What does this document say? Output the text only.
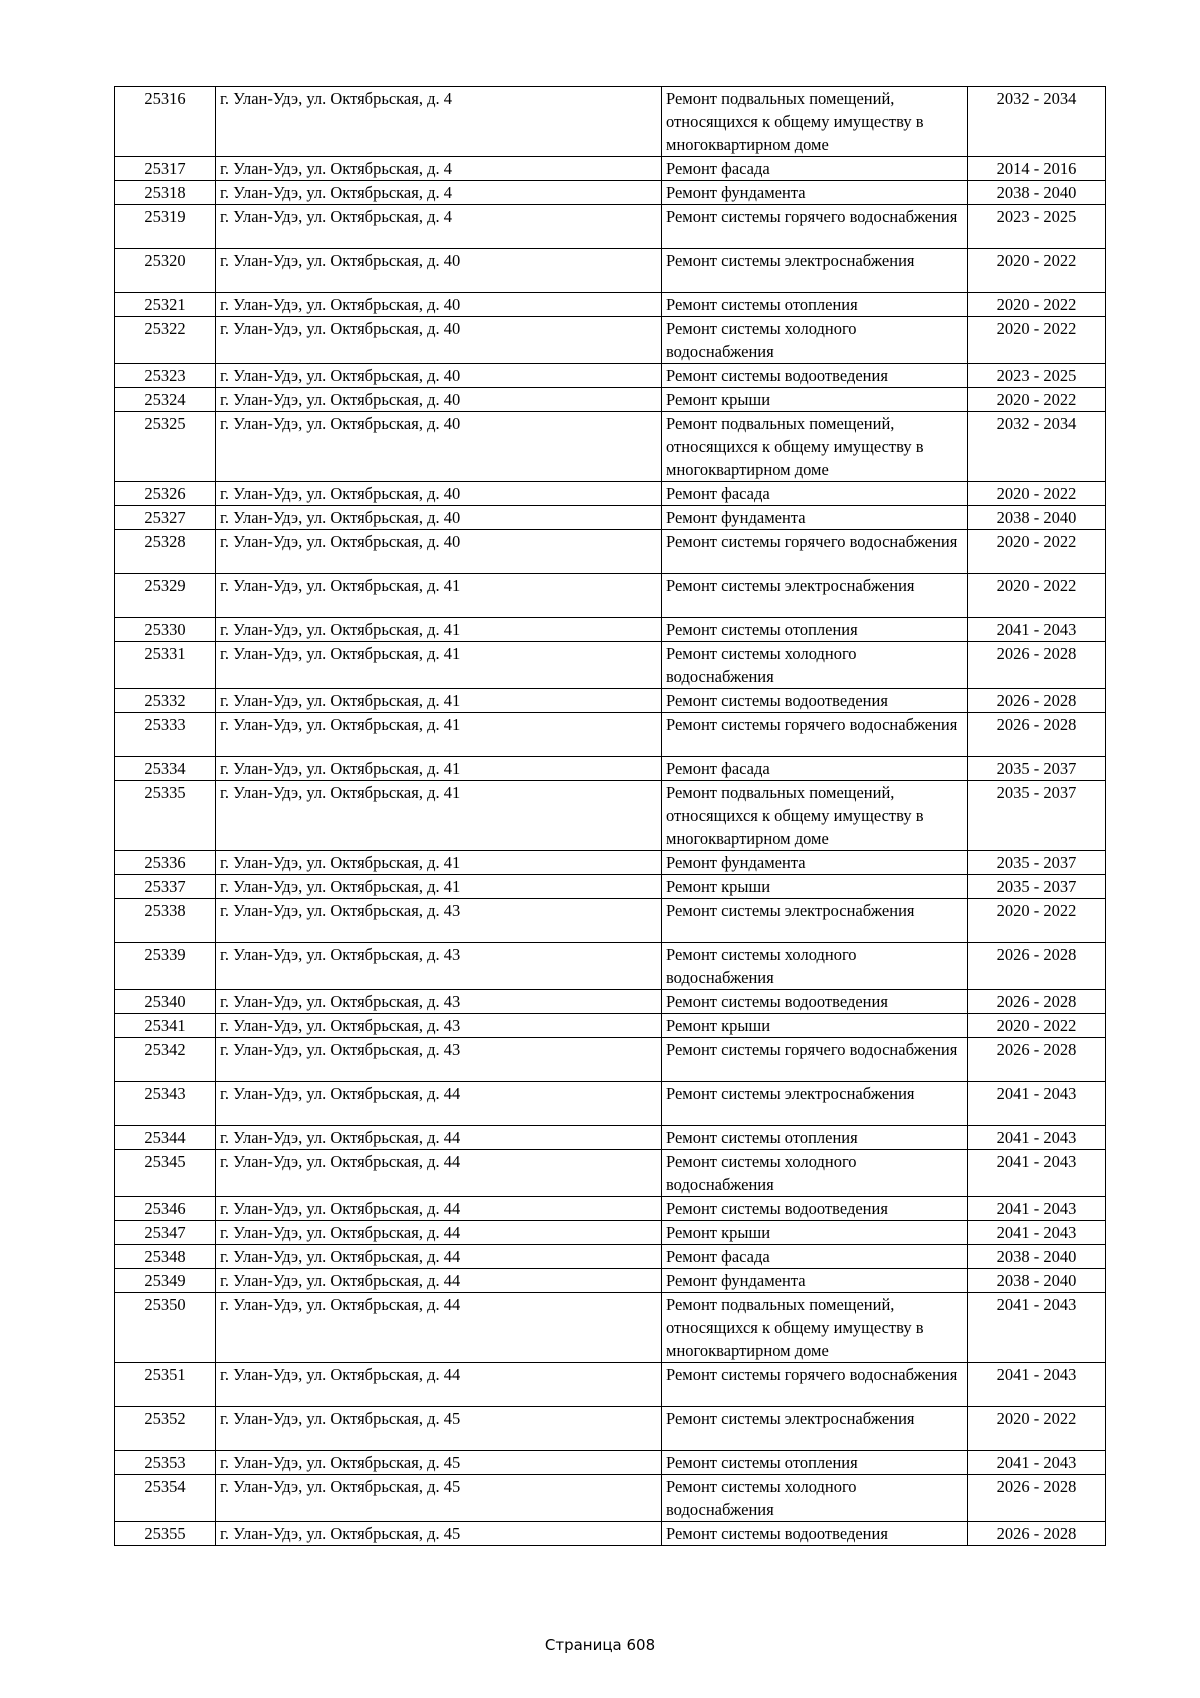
25316	г. Улан-Удэ, ул. Октябрьская, д. 4	Ремонт подвальных помещений, относящихся к общему имуществу в многоквартирном доме	2032 - 2034
25317	г. Улан-Удэ, ул. Октябрьская, д. 4	Ремонт фасада	2014 - 2016
25318	г. Улан-Удэ, ул. Октябрьская, д. 4	Ремонт фундамента	2038 - 2040
25319	г. Улан-Удэ, ул. Октябрьская, д. 4	Ремонт системы горячего водоснабжения	2023 - 2025
25320	г. Улан-Удэ, ул. Октябрьская, д. 40	Ремонт системы электроснабжения	2020 - 2022
25321	г. Улан-Удэ, ул. Октябрьская, д. 40	Ремонт системы отопления	2020 - 2022
25322	г. Улан-Удэ, ул. Октябрьская, д. 40	Ремонт системы холодного водоснабжения	2020 - 2022
25323	г. Улан-Удэ, ул. Октябрьская, д. 40	Ремонт системы водоотведения	2023 - 2025
25324	г. Улан-Удэ, ул. Октябрьская, д. 40	Ремонт крыши	2020 - 2022
25325	г. Улан-Удэ, ул. Октябрьская, д. 40	Ремонт подвальных помещений, относящихся к общему имуществу в многоквартирном доме	2032 - 2034
25326	г. Улан-Удэ, ул. Октябрьская, д. 40	Ремонт фасада	2020 - 2022
25327	г. Улан-Удэ, ул. Октябрьская, д. 40	Ремонт фундамента	2038 - 2040
25328	г. Улан-Удэ, ул. Октябрьская, д. 40	Ремонт системы горячего водоснабжения	2020 - 2022
25329	г. Улан-Удэ, ул. Октябрьская, д. 41	Ремонт системы электроснабжения	2020 - 2022
25330	г. Улан-Удэ, ул. Октябрьская, д. 41	Ремонт системы отопления	2041 - 2043
25331	г. Улан-Удэ, ул. Октябрьская, д. 41	Ремонт системы холодного водоснабжения	2026 - 2028
25332	г. Улан-Удэ, ул. Октябрьская, д. 41	Ремонт системы водоотведения	2026 - 2028
25333	г. Улан-Удэ, ул. Октябрьская, д. 41	Ремонт системы горячего водоснабжения	2026 - 2028
25334	г. Улан-Удэ, ул. Октябрьская, д. 41	Ремонт фасада	2035 - 2037
25335	г. Улан-Удэ, ул. Октябрьская, д. 41	Ремонт подвальных помещений, относящихся к общему имуществу в многоквартирном доме	2035 - 2037
25336	г. Улан-Удэ, ул. Октябрьская, д. 41	Ремонт фундамента	2035 - 2037
25337	г. Улан-Удэ, ул. Октябрьская, д. 41	Ремонт крыши	2035 - 2037
25338	г. Улан-Удэ, ул. Октябрьская, д. 43	Ремонт системы электроснабжения	2020 - 2022
25339	г. Улан-Удэ, ул. Октябрьская, д. 43	Ремонт системы холодного водоснабжения	2026 - 2028
25340	г. Улан-Удэ, ул. Октябрьская, д. 43	Ремонт системы водоотведения	2026 - 2028
25341	г. Улан-Удэ, ул. Октябрьская, д. 43	Ремонт крыши	2020 - 2022
25342	г. Улан-Удэ, ул. Октябрьская, д. 43	Ремонт системы горячего водоснабжения	2026 - 2028
25343	г. Улан-Удэ, ул. Октябрьская, д. 44	Ремонт системы электроснабжения	2041 - 2043
25344	г. Улан-Удэ, ул. Октябрьская, д. 44	Ремонт системы отопления	2041 - 2043
25345	г. Улан-Удэ, ул. Октябрьская, д. 44	Ремонт системы холодного водоснабжения	2041 - 2043
25346	г. Улан-Удэ, ул. Октябрьская, д. 44	Ремонт системы водоотведения	2041 - 2043
25347	г. Улан-Удэ, ул. Октябрьская, д. 44	Ремонт крыши	2041 - 2043
25348	г. Улан-Удэ, ул. Октябрьская, д. 44	Ремонт фасада	2038 - 2040
25349	г. Улан-Удэ, ул. Октябрьская, д. 44	Ремонт фундамента	2038 - 2040
25350	г. Улан-Удэ, ул. Октябрьская, д. 44	Ремонт подвальных помещений, относящихся к общему имуществу в многоквартирном доме	2041 - 2043
25351	г. Улан-Удэ, ул. Октябрьская, д. 44	Ремонт системы горячего водоснабжения	2041 - 2043
25352	г. Улан-Удэ, ул. Октябрьская, д. 45	Ремонт системы электроснабжения	2020 - 2022
25353	г. Улан-Удэ, ул. Октябрьская, д. 45	Ремонт системы отопления	2041 - 2043
25354	г. Улан-Удэ, ул. Октябрьская, д. 45	Ремонт системы холодного водоснабжения	2026 - 2028
25355	г. Улан-Удэ, ул. Октябрьская, д. 45	Ремонт системы водоотведения	2026 - 2028
Страница 608
